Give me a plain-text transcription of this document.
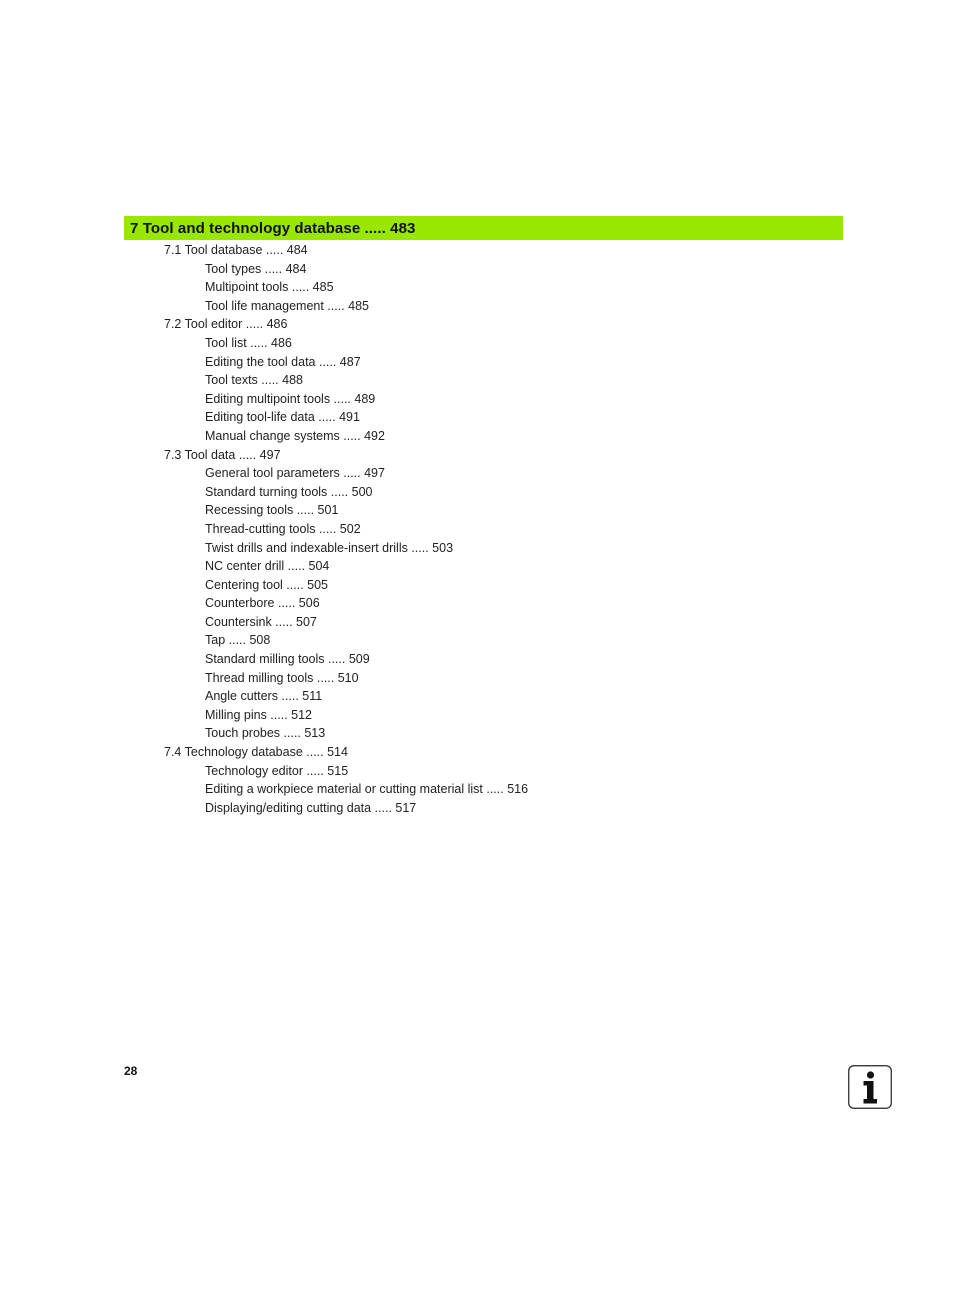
7 Tool and technology database ..... 483
7.1 Tool database ..... 484
Tool types ..... 484
Multipoint tools ..... 485
Tool life management ..... 485
7.2 Tool editor ..... 486
Tool list ..... 486
Editing the tool data ..... 487
Tool texts ..... 488
Editing multipoint tools ..... 489
Editing tool-life data ..... 491
Manual change systems ..... 492
7.3 Tool data ..... 497
General tool parameters ..... 497
Standard turning tools ..... 500
Recessing tools ..... 501
Thread-cutting tools ..... 502
Twist drills and indexable-insert drills ..... 503
NC center drill ..... 504
Centering tool ..... 505
Counterbore ..... 506
Countersink ..... 507
Tap ..... 508
Standard milling tools ..... 509
Thread milling tools ..... 510
Angle cutters ..... 511
Milling pins ..... 512
Touch probes ..... 513
7.4 Technology database ..... 514
Technology editor ..... 515
Editing a workpiece material or cutting material list ..... 516
Displaying/editing cutting data ..... 517
28
